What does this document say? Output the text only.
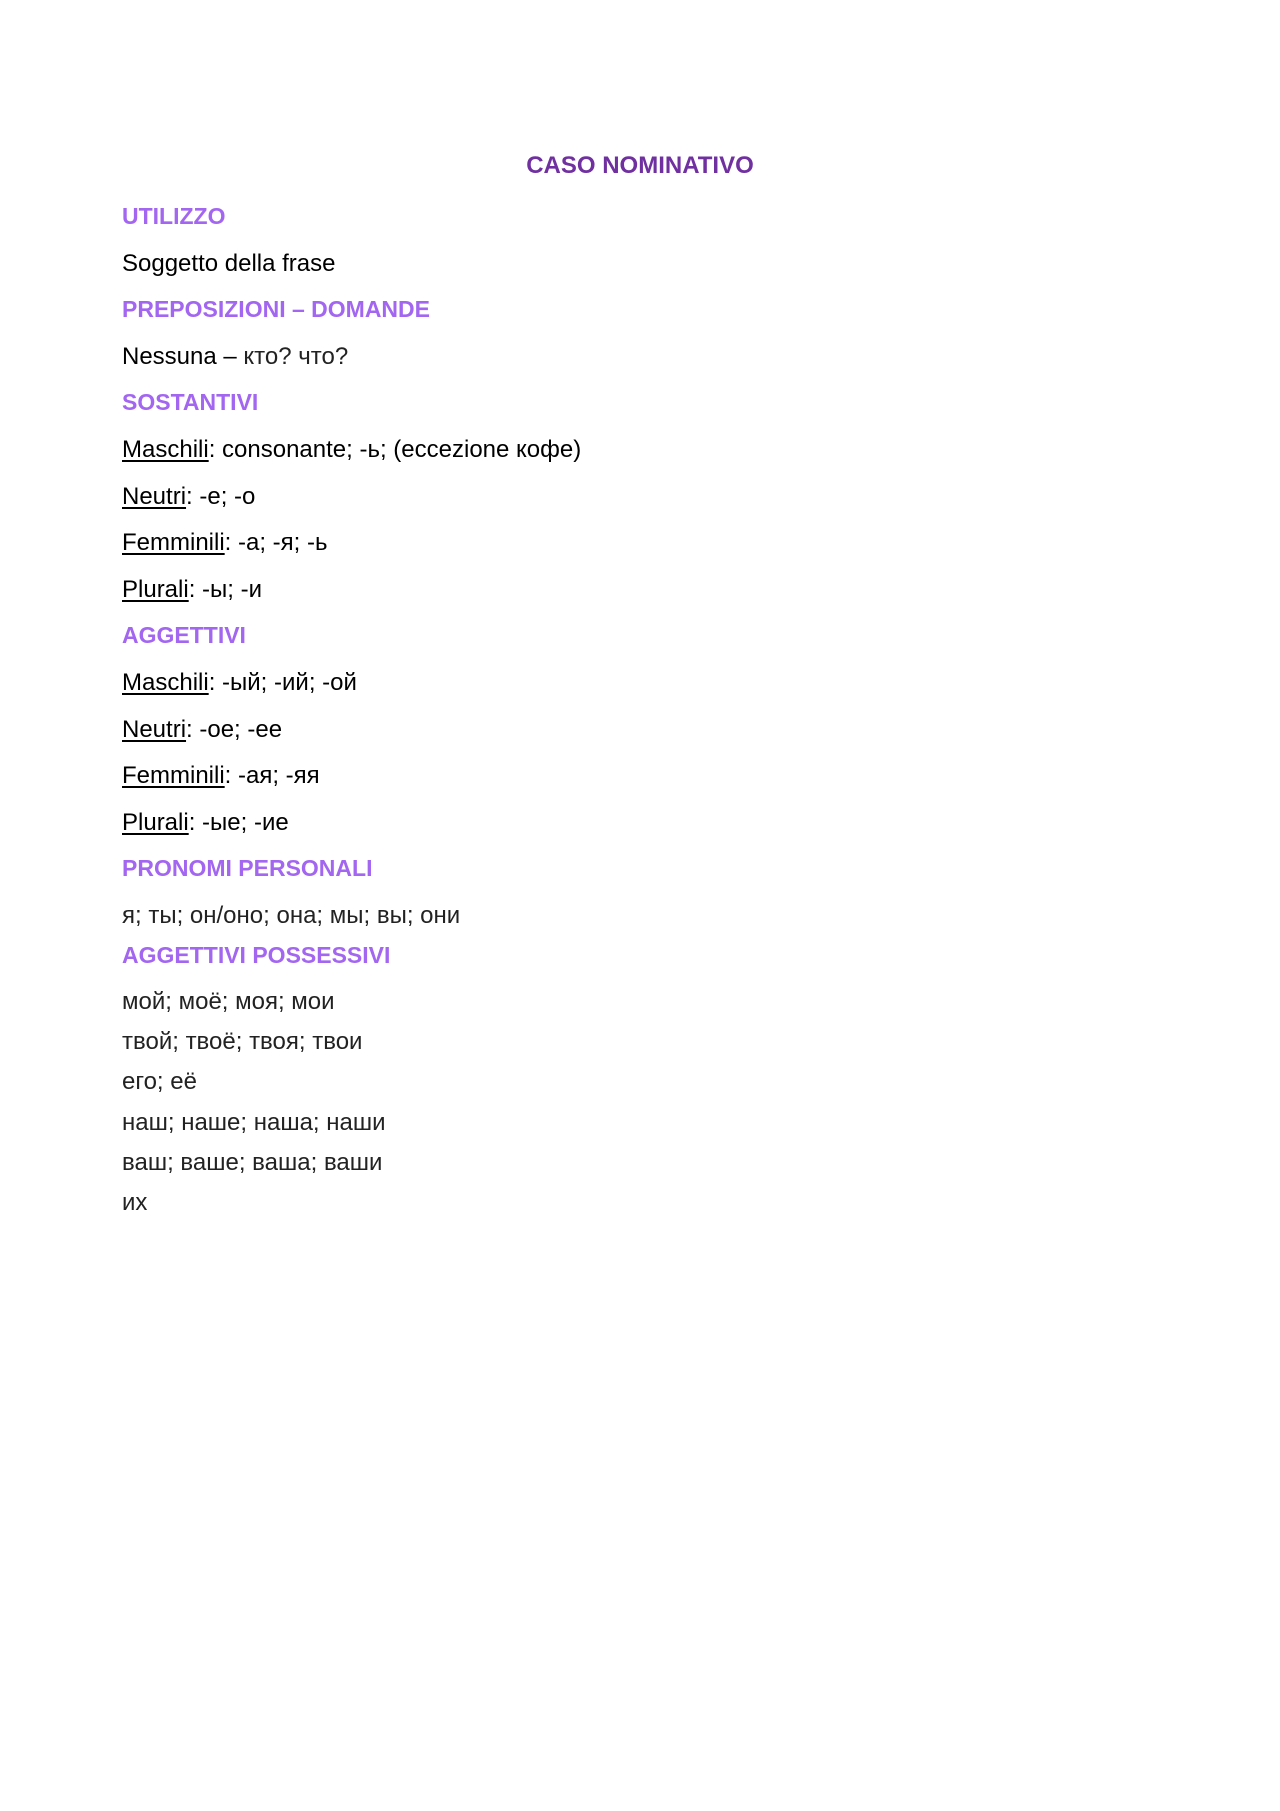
CASO NOMINATIVO
UTILIZZO
Soggetto della frase
PREPOSIZIONI – DOMANDE
Nessuna – кто? что?
SOSTANTIVI
Maschili: consonante; -ь; (eccezione кофе)
Neutri: -е; -о
Femminili: -а; -я; -ь
Plurali: -ы; -и
AGGETTIVI
Maschili: -ый; -ий; -ой
Neutri: -ое; -ее
Femminili: -ая; -яя
Plurali: -ые; -ие
PRONOMI PERSONALI
я; ты; он/оно; она; мы; вы; они
AGGETTIVI POSSESSIVI
мой; моё; моя; мои
твой; твоё; твоя; твои
его; её
наш; наше; наша; наши
ваш; ваше; ваша; ваши
их
